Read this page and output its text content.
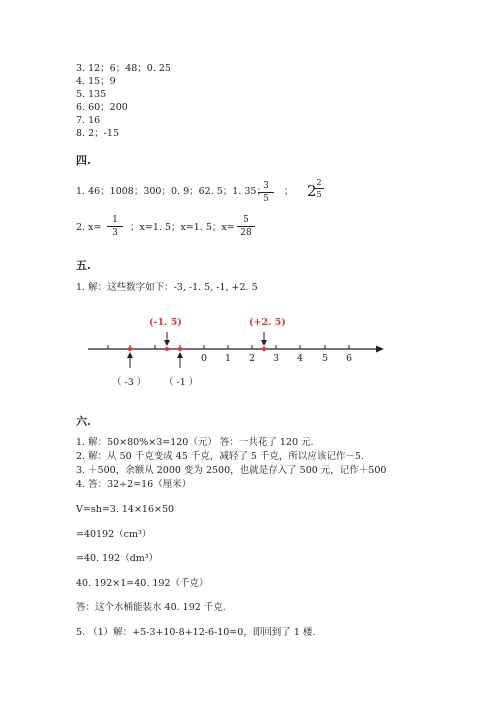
3. 12；6；48；0. 25
4. 15；9
5. 135
6. 60；200
7. 16
8. 2；-15
四.
1. 46；1008；300；0. 9；62. 5；1. 35；
3
5
； 2 2
5
2. x=
1
3	；x=1. 5；x=1. 5；x=
5
28
五.
1. 解：这些数字如下：-3, -1. 5, -1, +2. 5
(-1. 5)	(+2. 5)
（ -3 ） （ -1 ）
0 1 2 3 4 5 6
六.
1. 解：50×80%×3=120（元） 答：一共花了 120 元.
2. 解：从 50 千克变成 45 千克，减轻了 5 千克，所以应该记作－5.
3. ＋500，余额从 2000 变为 2500，也就是存入了 500 元，记作＋500
4. 答：32÷2=16（厘米）
V=sh=3. 14×16×50
=40192（cm³）
=40. 192（dm³）
40. 192×1=40. 192（千克）
答：这个水桶能装水 40. 192 千克.
5. （1）解：+5-3+10-8+12-6-10=0，即回到了 1 楼.
